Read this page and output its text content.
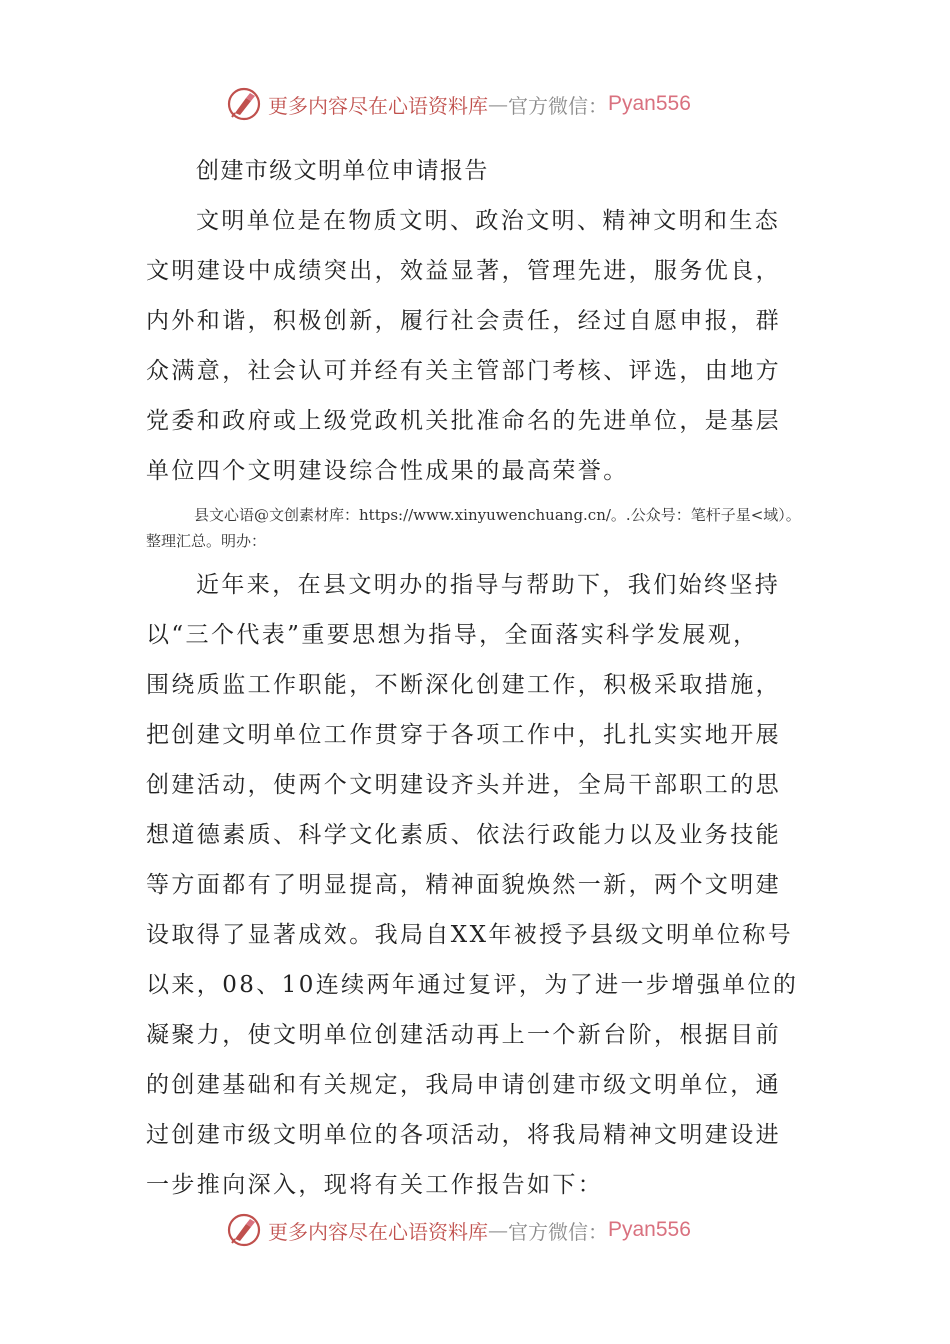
更多内容尽在心语资料库 — 官方微信： Pyan556
创建市级文明单位申请报告
文明单位是在物质文明、政治文明、精神文明和生态
文明建设中成绩突出，效益显著，管理先进，服务优良，
内外和谐，积极创新，履行社会责任，经过自愿申报，群
众满意，社会认可并经有关主管部门考核、评选，由地方
党委和政府或上级党政机关批准命名的先进单位，是基层
单位四个文明建设综合性成果的最高荣誉。
县文心语@文创素材库：https://www.xinyuwenchuang.cn/。.公众号：笔杆子星<域）。
整理汇总。明办：
近年来，在县文明办的指导与帮助下，我们始终坚持
以“三个代表”重要思想为指导，全面落实科学发展观，
围绕质监工作职能，不断深化创建工作，积极采取措施，
把创建文明单位工作贯穿于各项工作中，扎扎实实地开展
创建活动，使两个文明建设齐头并进，全局干部职工的思
想道德素质、科学文化素质、依法行政能力以及业务技能
等方面都有了明显提高，精神面貌焕然一新，两个文明建
设取得了显著成效。我局自XX年被授予县级文明单位称号
以来，08、10连续两年通过复评，为了进一步增强单位的
凝聚力，使文明单位创建活动再上一个新台阶，根据目前
的创建基础和有关规定，我局申请创建市级文明单位，通
过创建市级文明单位的各项活动，将我局精神文明建设进
一步推向深入，现将有关工作报告如下：
更多内容尽在心语资料库 — 官方微信： Pyan556
